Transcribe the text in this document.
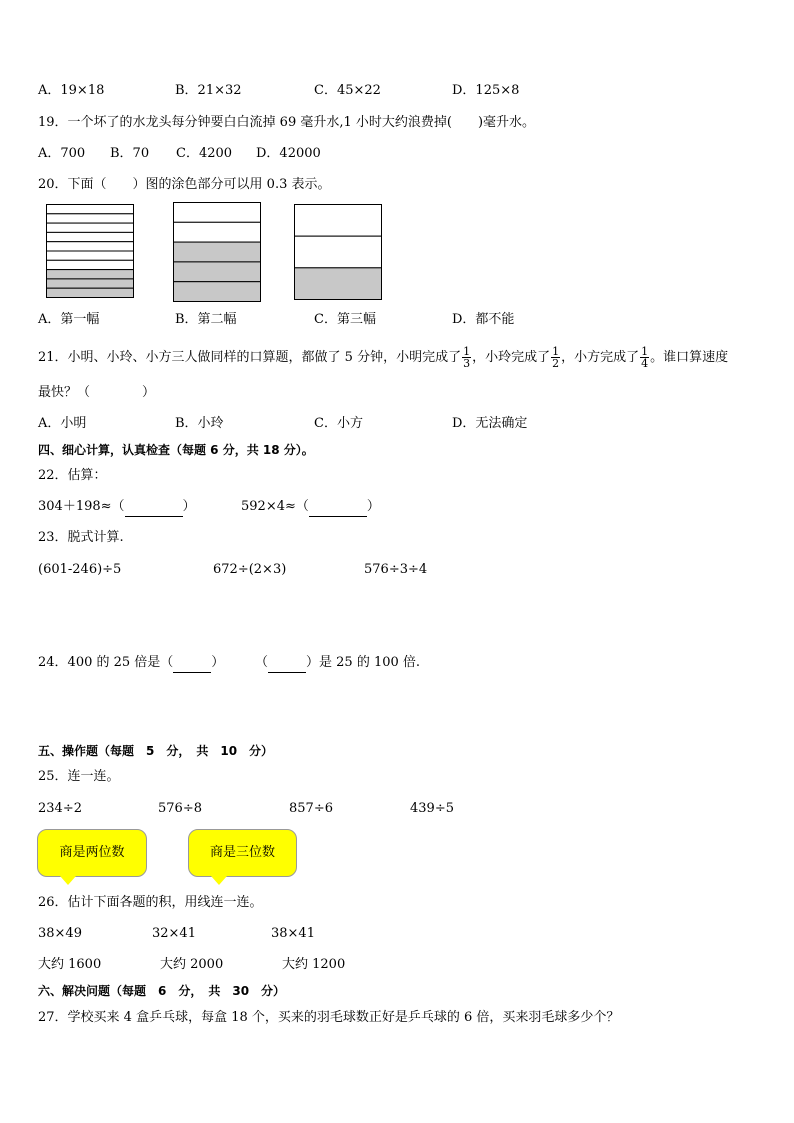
A．19×18	B．21×32	C．45×22	D．125×8
19．一个坏了的水龙头每分钟要白白流掉 69 毫升水,1 小时大约浪费掉(　　)毫升水。
A．700 B．70 C．4200 D．42000
20．下面（　　）图的涂色部分可以用 0.3 表示。
A．第一幅	B．第二幅	C．第三幅	D．都不能
21．小明、小玲、小方三人做同样的口算题，都做了 5 分钟，小明完成了 $\frac{1}{3}$ ，小玲完成了 $\frac{1}{2}$ ，小方完成了 $\frac{1}{4}$ 。谁口算速度
最快？（　　　　）
A．小明	B．小玲	C．小方	D．无法确定
四、细心计算，认真检查（每题 6 分，共 18 分）。
22．估算：
304＋198≈（	）	592×4≈（	）
23．脱式计算.
(601-246)÷5	672÷(2×3)	576÷3÷4
24．400 的 25 倍是（	） （	）是 25 的 100 倍.
五、操作题（每题　5　分，　共　10　分）
25．连一连。
234÷2	576÷8	857÷6	439÷5
商是两位数	商是三位数
26．估计下面各题的积，用线连一连。
38×49	32×41	38×41
大约 1600	大约 2000	大约 1200
六、解决问题（每题　6　分，　共　30　分）
27．学校买来 4 盒乒乓球，每盒 18 个，买来的羽毛球数正好是乒乓球的 6 倍，买来羽毛球多少个？
